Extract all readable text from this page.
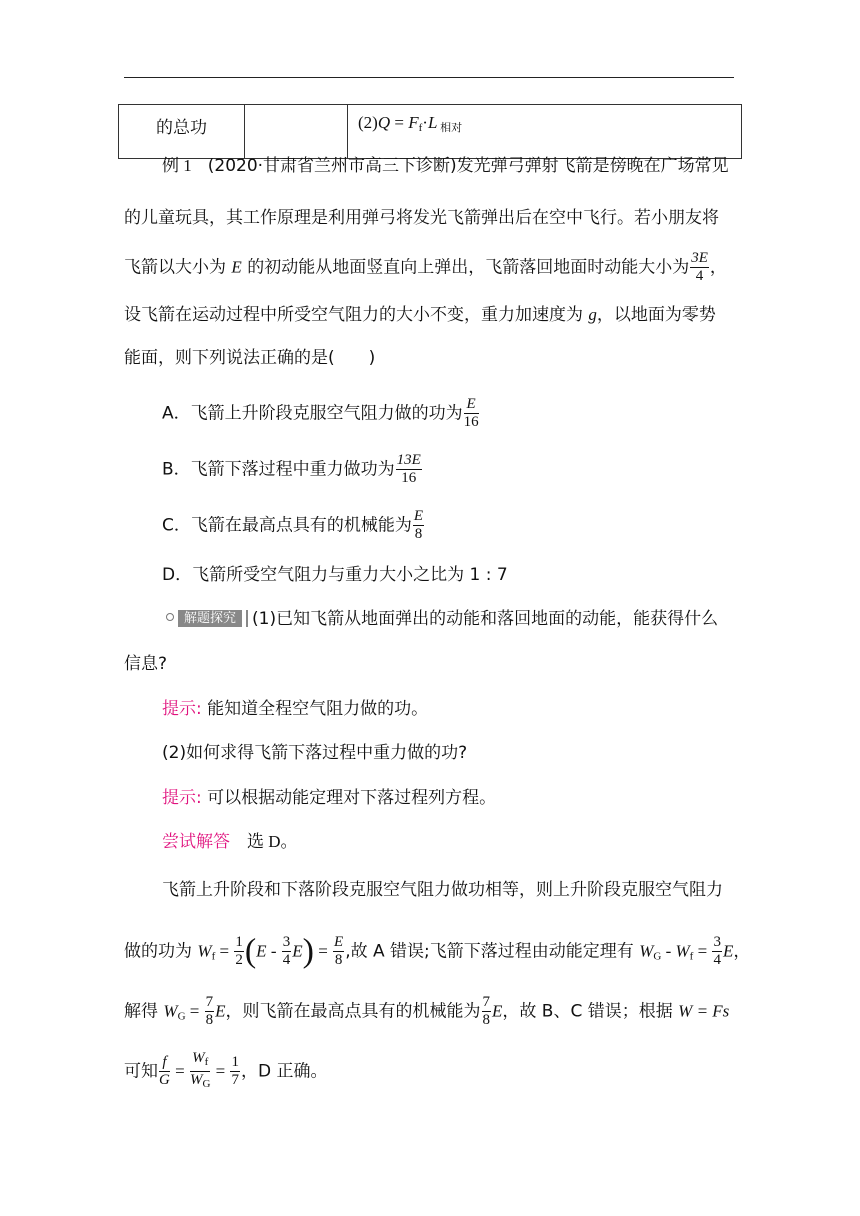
的总功		$(2)Q = F_f\cdot L$ $_{相对}$
例 1 (2020·甘肃省兰州市高三下诊断)发光弹弓弹射飞箭是傍晚在广场常见
的儿童玩具，其工作原理是利用弹弓将发光飞箭弹出后在空中飞行。若小朋友将
飞箭以大小为 E 的初动能从地面竖直向上弹出，飞箭落回地面时动能大小为 $\frac{3E}{4}$ ，
设飞箭在运动过程中所受空气阻力的大小不变，重力加速度为 g，以地面为零势
能面，则下列说法正确的是(　　)
A．飞箭上升阶段克服空气阻力做的功为 $\frac{E}{16}$
B．飞箭下落过程中重力做功为 $\frac{13E}{16}$
C．飞箭在最高点具有的机械能为 $\frac{E}{8}$
D．飞箭所受空气阻力与重力大小之比为 1 : 7
解题探究 (1)已知飞箭从地面弹出的动能和落回地面的动能，能获得什么
信息?
提示: 能知道全程空气阻力做的功。
(2)如何求得飞箭下落过程中重力做的功?
提示: 可以根据动能定理对下落过程列方程。
尝试解答　选 D。
飞箭上升阶段和下落阶段克服空气阻力做功相等，则上升阶段克服空气阻力
做的功为 $W_f = \frac{1}{2} (E - \frac{3}{4} E) = \frac{E}{8}$ ,故 A 错误;飞箭下落过程由动能定理有 $W_G - W_f = \frac{3}{4}$ E，
解得 $W_G = \frac{7}{8}$ E，则飞箭在最高点具有的机械能为 $\frac{7}{8}$ E，故 B、C 错误；根据 W = Fs
可知 $\frac{f}{G} = \frac{W_f}{W_G} = \frac{1}{7}$ ，D 正确。
